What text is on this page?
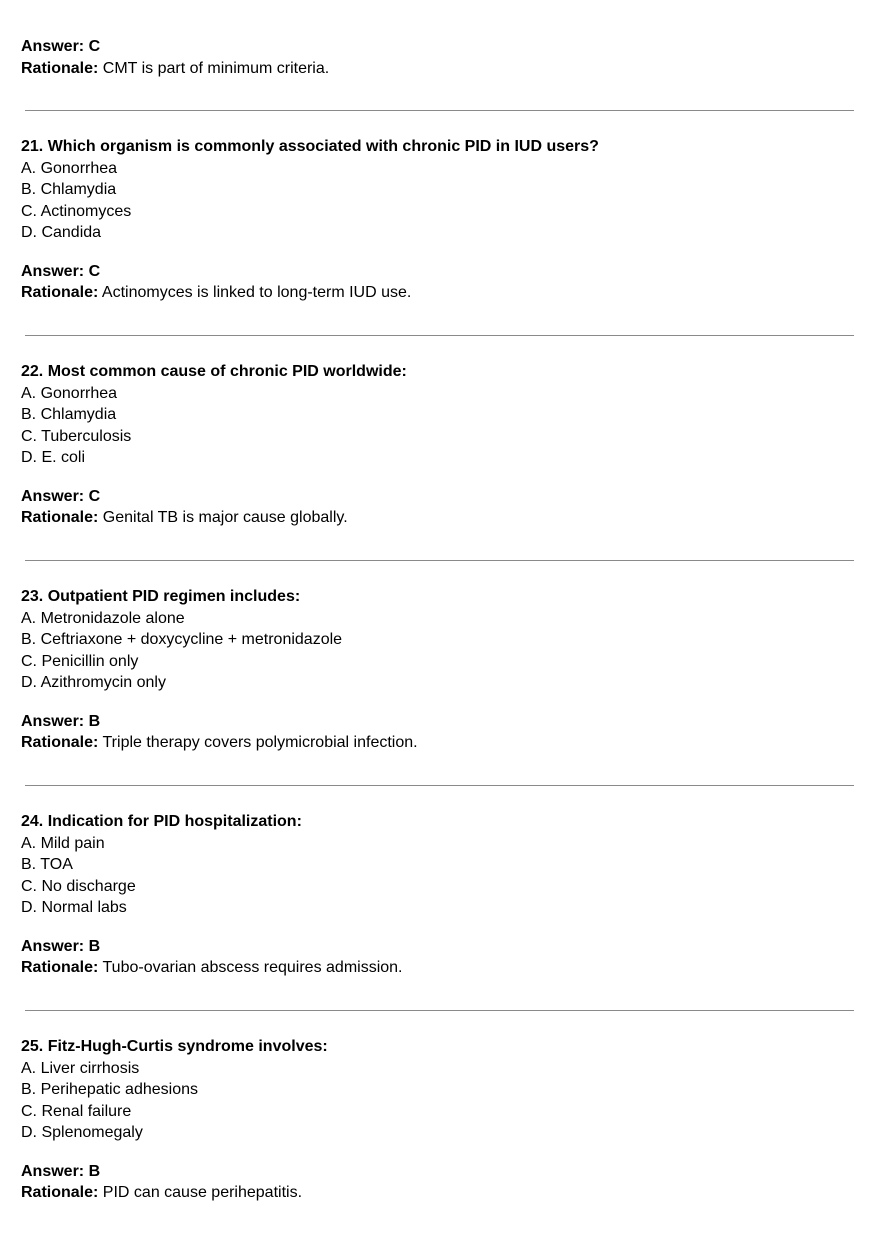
Answer: C
Rationale: CMT is part of minimum criteria.
21. Which organism is commonly associated with chronic PID in IUD users?
A. Gonorrhea
B. Chlamydia
C. Actinomyces
D. Candida
Answer: C
Rationale: Actinomyces is linked to long-term IUD use.
22. Most common cause of chronic PID worldwide:
A. Gonorrhea
B. Chlamydia
C. Tuberculosis
D. E. coli
Answer: C
Rationale: Genital TB is major cause globally.
23. Outpatient PID regimen includes:
A. Metronidazole alone
B. Ceftriaxone + doxycycline + metronidazole
C. Penicillin only
D. Azithromycin only
Answer: B
Rationale: Triple therapy covers polymicrobial infection.
24. Indication for PID hospitalization:
A. Mild pain
B. TOA
C. No discharge
D. Normal labs
Answer: B
Rationale: Tubo-ovarian abscess requires admission.
25. Fitz-Hugh-Curtis syndrome involves:
A. Liver cirrhosis
B. Perihepatic adhesions
C. Renal failure
D. Splenomegaly
Answer: B
Rationale: PID can cause perihepatitis.
